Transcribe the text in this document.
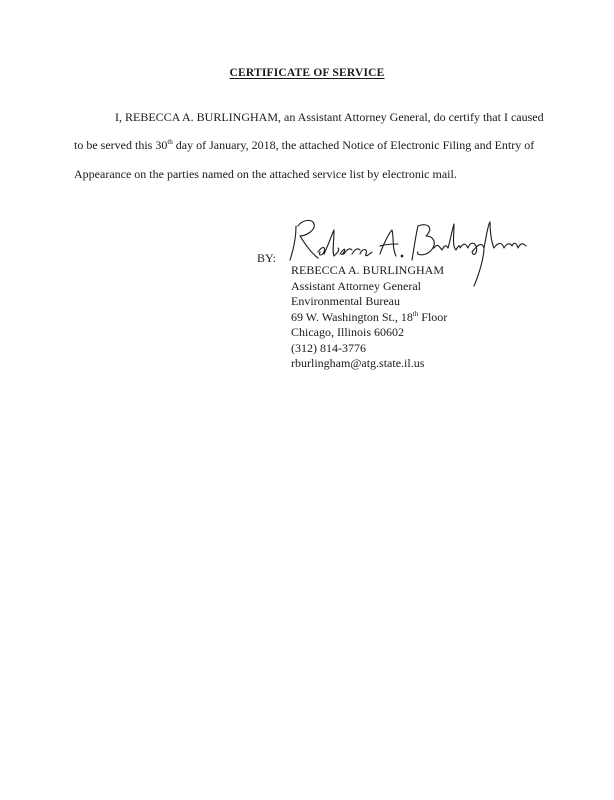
CERTIFICATE OF SERVICE
I, REBECCA A. BURLINGHAM, an Assistant Attorney General, do certify that I caused
to be served this 30th day of January, 2018, the attached Notice of Electronic Filing and Entry of
Appearance on the parties named on the attached service list by electronic mail.
BY:
REBECCA A. BURLINGHAM
Assistant Attorney General
Environmental Bureau
69 W. Washington St., 18th Floor
Chicago, Illinois 60602
(312) 814-3776
rburlingham@atg.state.il.us
